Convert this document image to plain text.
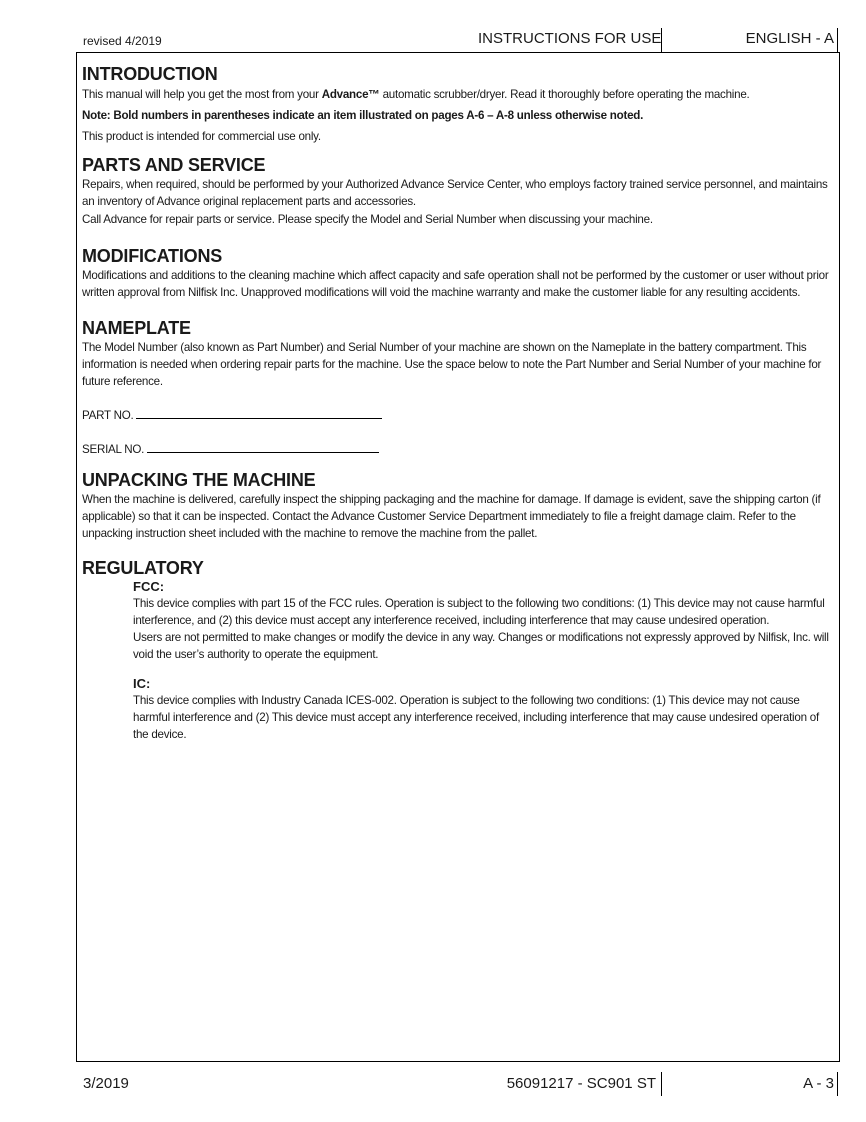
revised 4/2019	INSTRUCTIONS FOR USE	ENGLISH - A
INTRODUCTION

This manual will help you get the most from your Advance™ automatic scrubber/dryer. Read it thoroughly before operating the machine.

Note: Bold numbers in parentheses indicate an item illustrated on pages A-6 – A-8 unless otherwise noted.

This product is intended for commercial use only.

PARTS AND SERVICE

Repairs, when required, should be performed by your Authorized Advance Service Center, who employs factory trained service personnel, and maintains an inventory of Advance original replacement parts and accessories.

Call Advance for repair parts or service. Please specify the Model and Serial Number when discussing your machine.

MODIFICATIONS

Modifications and additions to the cleaning machine which affect capacity and safe operation shall not be performed by the customer or user without prior written approval from Nilfisk Inc. Unapproved modifications will void the machine warranty and make the customer liable for any resulting accidents.

NAMEPLATE

The Model Number (also known as Part Number) and Serial Number of your machine are shown on the Nameplate in the battery compartment. This information is needed when ordering repair parts for the machine. Use the space below to note the Part Number and Serial Number of your machine for future reference.

PART NO.

SERIAL NO.

UNPACKING THE MACHINE

When the machine is delivered, carefully inspect the shipping packaging and the machine for damage. If damage is evident, save the shipping carton (if applicable) so that it can be inspected. Contact the Advance Customer Service Department immediately to file a freight damage claim. Refer to the unpacking instruction sheet included with the machine to remove the machine from the pallet.

REGULATORY
FCC:

This device complies with part 15 of the FCC rules. Operation is subject to the following two conditions: (1) This device may not cause harmful interference, and (2) this device must accept any interference received, including interference that may cause undesired operation.

Users are not permitted to make changes or modify the device in any way. Changes or modifications not expressly approved by Nilfisk, Inc. will void the user’s authority to operate the equipment.

IC:

This device complies with Industry Canada ICES-002. Operation is subject to the following two conditions: (1) This device may not cause harmful interference and (2) This device must accept any interference received, including interference that may cause undesired operation of the device.

3/2019	56091217 - SC901 ST	A - 3
